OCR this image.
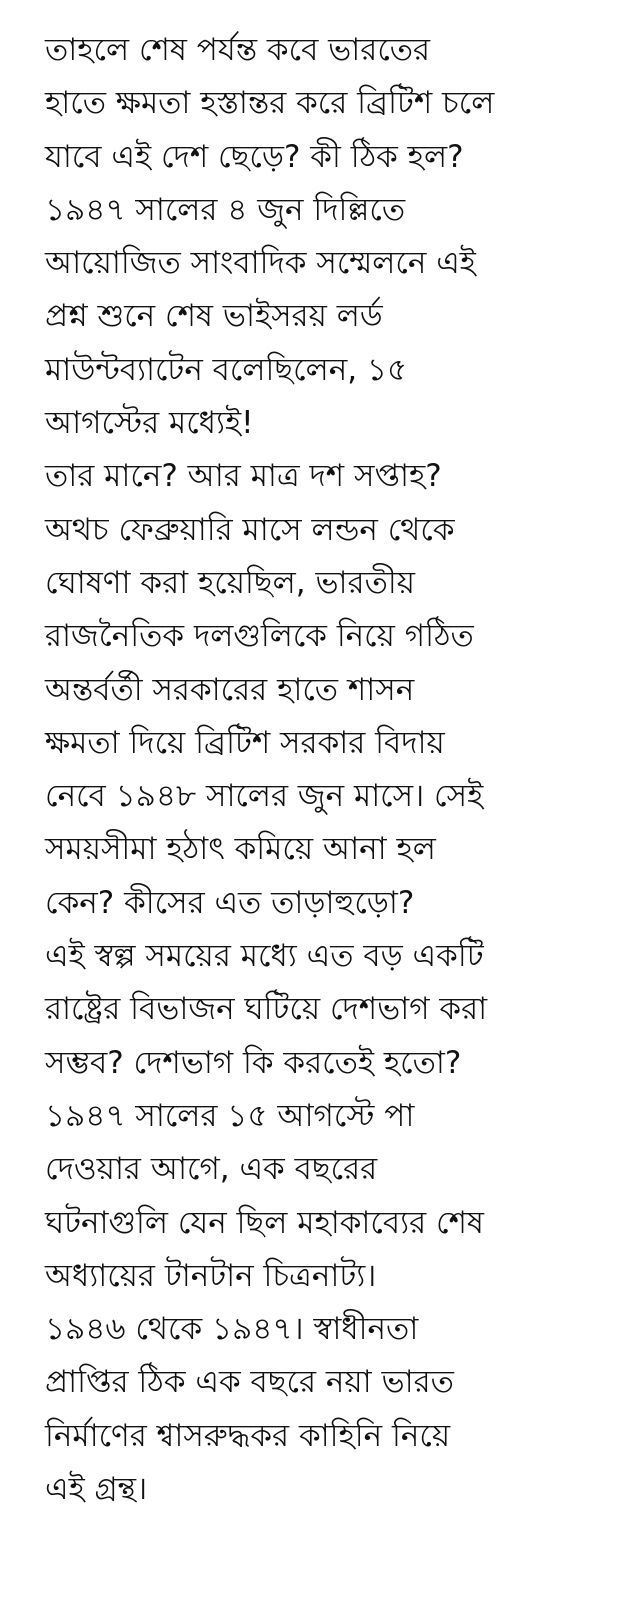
তাহলে শেষ পর্যন্ত কবে ভারতের
হাতে ক্ষমতা হস্তান্তর করে ব্রিটিশ চলে
যাবে এই দেশ ছেড়ে? কী ঠিক হল?
১৯৪৭ সালের ৪ জুন দিল্লিতে
আয়োজিত সাংবাদিক সম্মেলনে এই
প্রশ্ন শুনে শেষ ভাইসরয় লর্ড
মাউন্টব্যাটেন বলেছিলেন, ১৫
আগস্টের মধ্যেই!
তার মানে? আর মাত্র দশ সপ্তাহ?
অথচ ফেব্রুয়ারি মাসে লন্ডন থেকে
ঘোষণা করা হয়েছিল, ভারতীয়
রাজনৈতিক দলগুলিকে নিয়ে গঠিত
অন্তর্বর্তী সরকারের হাতে শাসন
ক্ষমতা দিয়ে ব্রিটিশ সরকার বিদায়
নেবে ১৯৪৮ সালের জুন মাসে। সেই
সময়সীমা হঠাৎ কমিয়ে আনা হল
কেন? কীসের এত তাড়াহুড়ো?
এই স্বল্প সময়ের মধ্যে এত বড় একটি
রাষ্ট্রের বিভাজন ঘটিয়ে দেশভাগ করা
সম্ভব? দেশভাগ কি করতেই হতো?
১৯৪৭ সালের ১৫ আগস্টে পা
দেওয়ার আগে, এক বছরের
ঘটনাগুলি যেন ছিল মহাকাব্যের শেষ
অধ্যায়ের টানটান চিত্রনাট্য।
১৯৪৬ থেকে ১৯৪৭। স্বাধীনতা
প্রাপ্তির ঠিক এক বছরে নয়া ভারত
নির্মাণের শ্বাসরুদ্ধকর কাহিনি নিয়ে
এই গ্রন্থ।
